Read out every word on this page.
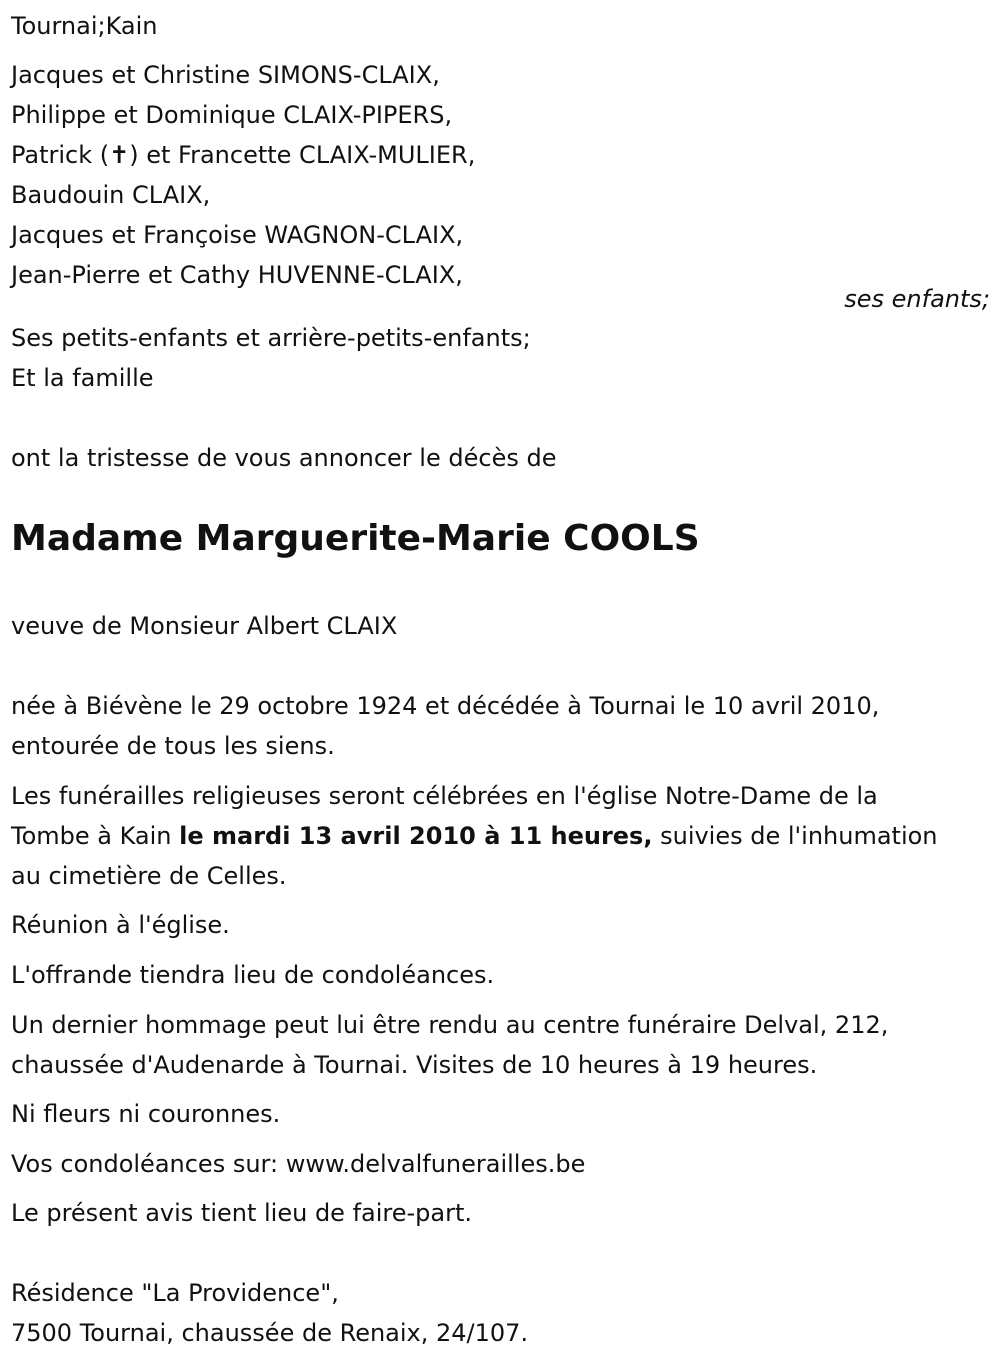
Tournai;Kain
Jacques et Christine SIMONS-CLAIX,
Philippe et Dominique CLAIX-PIPERS,
Patrick (✝) et Francette CLAIX-MULIER,
Baudouin CLAIX,
Jacques et Françoise WAGNON-CLAIX,
Jean-Pierre et Cathy HUVENNE-CLAIX,
ses enfants;
Ses petits-enfants et arrière-petits-enfants;
Et la famille
ont la tristesse de vous annoncer le décès de
Madame Marguerite-Marie COOLS
veuve de Monsieur Albert CLAIX
née à Biévène le 29 octobre 1924 et décédée à Tournai le 10 avril 2010,
entourée de tous les siens.
Les funérailles religieuses seront célébrées en l'église Notre-Dame de la
Tombe à Kain le mardi 13 avril 2010 à 11 heures, suivies de l'inhumation
au cimetière de Celles.
Réunion à l'église.
L'offrande tiendra lieu de condoléances.
Un dernier hommage peut lui être rendu au centre funéraire Delval, 212,
chaussée d'Audenarde à Tournai. Visites de 10 heures à 19 heures.
Ni fleurs ni couronnes.
Vos condoléances sur: www.delvalfunerailles.be
Le présent avis tient lieu de faire-part.
Résidence "La Providence",
7500 Tournai, chaussée de Renaix, 24/107.
